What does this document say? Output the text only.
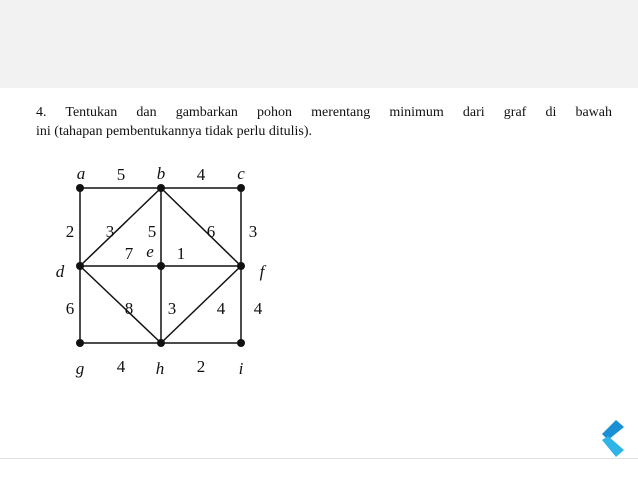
4. Tentukan dan gambarkan pohon merentang minimum dari graf di bawah
ini (tahapan pembentukannya tidak perlu ditulis).
5	4
2 3 5	6 3
7	1
6	8 3 4 4
4	2
a	b	c
d
e
f
g	h	i
